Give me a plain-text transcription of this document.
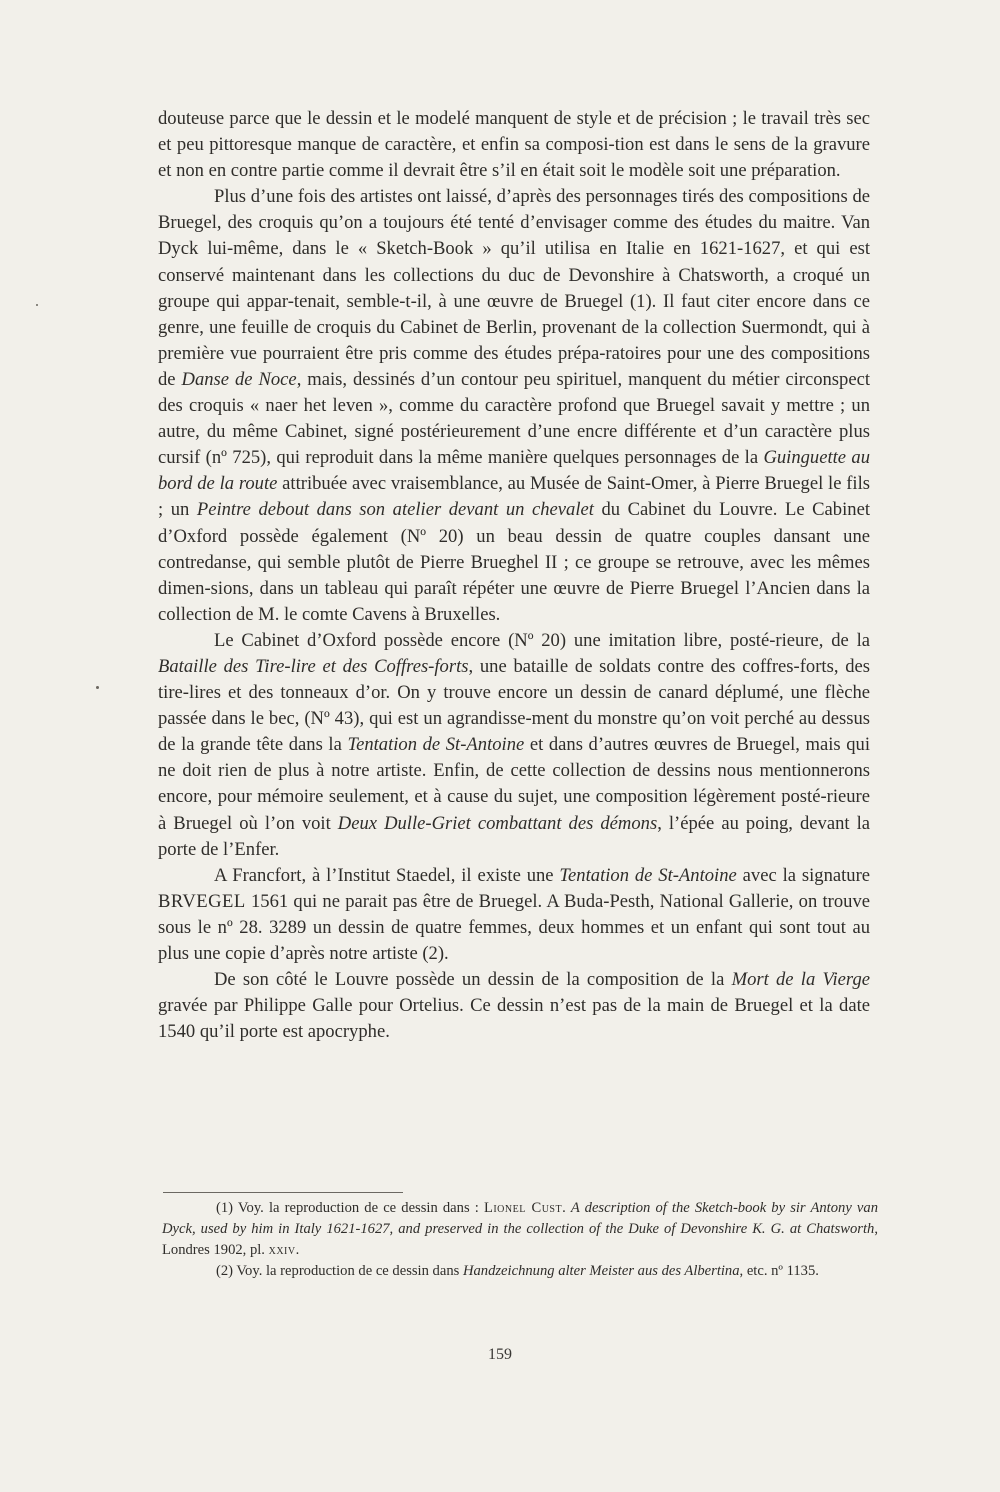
douteuse parce que le dessin et le modelé manquent de style et de précision ; le travail très sec et peu pittoresque manque de caractère, et enfin sa composi-tion est dans le sens de la gravure et non en contre partie comme il devrait être s’il en était soit le modèle soit une préparation.

Plus d’une fois des artistes ont laissé, d’après des personnages tirés des compositions de Bruegel, des croquis qu’on a toujours été tenté d’envisager comme des études du maitre. Van Dyck lui-même, dans le « Sketch-Book » qu’il utilisa en Italie en 1621-1627, et qui est conservé maintenant dans les collections du duc de Devonshire à Chatsworth, a croqué un groupe qui appar-tenait, semble-t-il, à une œuvre de Bruegel (1). Il faut citer encore dans ce genre, une feuille de croquis du Cabinet de Berlin, provenant de la collection Suermondt, qui à première vue pourraient être pris comme des études prépa-ratoires pour une des compositions de Danse de Noce, mais, dessinés d’un contour peu spirituel, manquent du métier circonspect des croquis « naer het leven », comme du caractère profond que Bruegel savait y mettre ; un autre, du même Cabinet, signé postérieurement d’une encre différente et d’un caractère plus cursif (nº 725), qui reproduit dans la même manière quelques personnages de la Guinguette au bord de la route attribuée avec vraisemblance, au Musée de Saint-Omer, à Pierre Bruegel le fils ; un Peintre debout dans son atelier devant un chevalet du Cabinet du Louvre. Le Cabinet d’Oxford possède également (Nº 20) un beau dessin de quatre couples dansant une contredanse, qui semble plutôt de Pierre Brueghel II ; ce groupe se retrouve, avec les mêmes dimen-sions, dans un tableau qui paraît répéter une œuvre de Pierre Bruegel l’Ancien dans la collection de M. le comte Cavens à Bruxelles.

Le Cabinet d’Oxford possède encore (Nº 20) une imitation libre, posté-rieure, de la Bataille des Tire-lire et des Coffres-forts, une bataille de soldats contre des coffres-forts, des tire-lires et des tonneaux d’or. On y trouve encore un dessin de canard déplumé, une flèche passée dans le bec, (Nº 43), qui est un agrandisse-ment du monstre qu’on voit perché au dessus de la grande tête dans la Tentation de St-Antoine et dans d’autres œuvres de Bruegel, mais qui ne doit rien de plus à notre artiste. Enfin, de cette collection de dessins nous mentionnerons encore, pour mémoire seulement, et à cause du sujet, une composition légèrement posté-rieure à Bruegel où l’on voit Deux Dulle-Griet combattant des démons, l’épée au poing, devant la porte de l’Enfer.

A Francfort, à l’Institut Staedel, il existe une Tentation de St-Antoine avec la signature BRVEGEL 1561 qui ne parait pas être de Bruegel. A Buda-Pesth, National Gallerie, on trouve sous le nº 28. 3289 un dessin de quatre femmes, deux hommes et un enfant qui sont tout au plus une copie d’après notre artiste (2).

De son côté le Louvre possède un dessin de la composition de la Mort de la Vierge gravée par Philippe Galle pour Ortelius. Ce dessin n’est pas de la main de Bruegel et la date 1540 qu’il porte est apocryphe.

(1) Voy. la reproduction de ce dessin dans : Lionel Cust. A description of the Sketch-book by sir Antony van Dyck, used by him in Italy 1621-1627, and preserved in the collection of the Duke of Devonshire K. G. at Chatsworth, Londres 1902, pl. xxiv.

(2) Voy. la reproduction de ce dessin dans Handzeichnung alter Meister aus des Albertina, etc. nº 1135.

159
